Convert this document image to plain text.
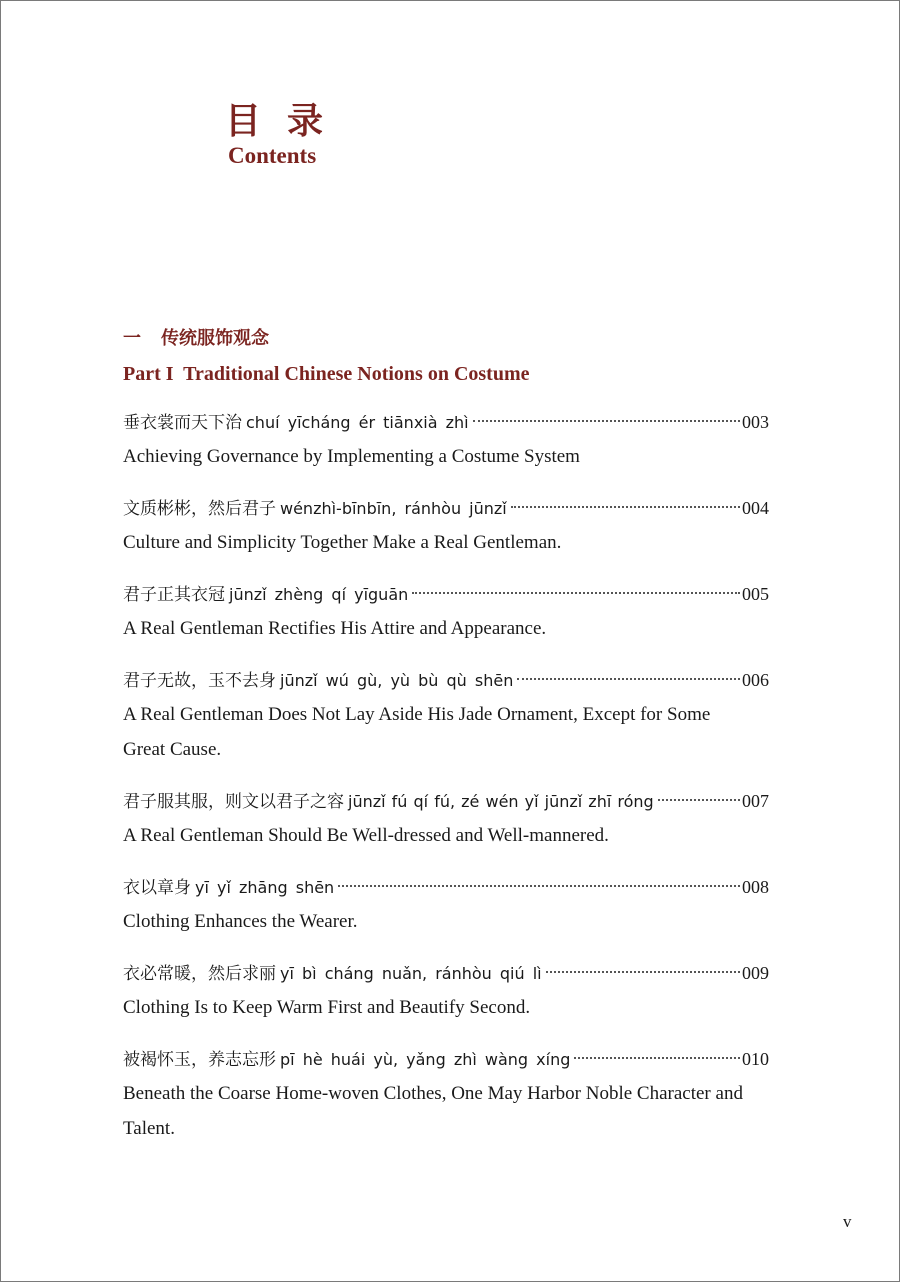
目录
Contents
一 传统服饰观念
Part I  Traditional Chinese Notions on Costume
垂衣裳而天下治 chuí yīcháng ér tiānxià zhì	003
Achieving Governance by Implementing a Costume System
文质彬彬，然后君子 wénzhì-bīnbīn, ránhòu jūnzǐ	004
Culture and Simplicity Together Make a Real Gentleman.
君子正其衣冠 jūnzǐ zhèng qí yīguān	005
A Real Gentleman Rectifies His Attire and Appearance.
君子无故，玉不去身 jūnzǐ wú gù, yù bù qù shēn	006
A Real Gentleman Does Not Lay Aside His Jade Ornament, Except for Some Great Cause.
君子服其服，则文以君子之容 jūnzǐ fú qí fú, zé wén yǐ jūnzǐ zhī róng	007
A Real Gentleman Should Be Well-dressed and Well-mannered.
衣以章身 yī yǐ zhāng shēn	008
Clothing Enhances the Wearer.
衣必常暖，然后求丽 yī bì cháng nuǎn, ránhòu qiú lì	009
Clothing Is to Keep Warm First and Beautify Second.
被褐怀玉，养志忘形 pī hè huái yù, yǎng zhì wàng xíng	010
Beneath the Coarse Home-woven Clothes, One May Harbor Noble Character and Talent.
v
